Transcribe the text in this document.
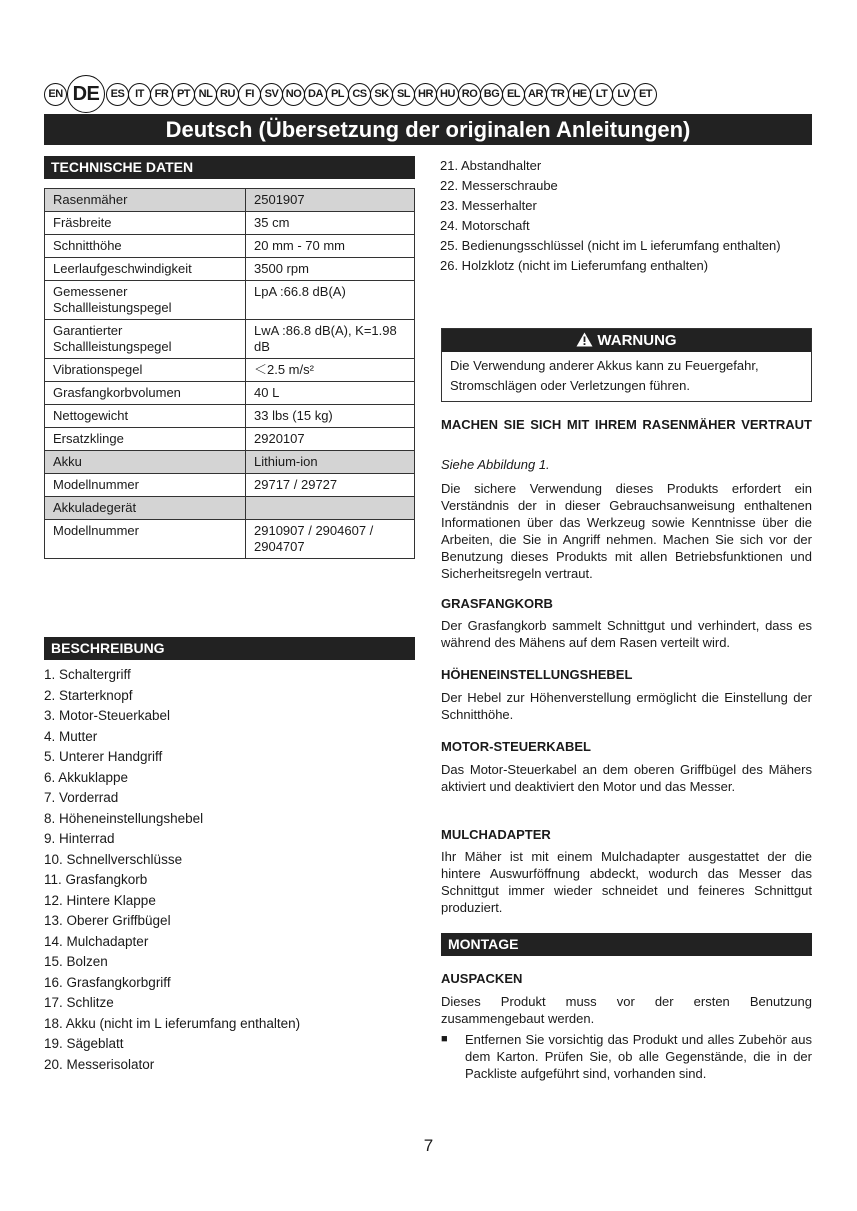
EN DE	ES IT FR PT NL RU FI SV NO DA PL CS SK SL HR HU RO BG EL AR TR HE LT LV ET
Deutsch (Übersetzung der originalen Anleitungen)
TECHNISCHE DATEN
Rasenmäher	2501907
Fräsbreite	35 cm
Schnitthöhe	20 mm - 70 mm
Leerlaufgeschwindigkeit	3500 rpm
Gemessener Schallleistungspegel	LpA :66.8 dB(A)
Garantierter Schallleistungspegel	LwA :86.8 dB(A), K=1.98 dB
Vibrationspegel	＜2.5 m/s²
Grasfangkorbvolumen	40 L
Nettogewicht	33 lbs (15 kg)
Ersatzklinge	2920107
Akku	Lithium-ion
Modellnummer	29717 / 29727
Akkuladegerät	
Modellnummer	2910907 / 2904607 / 2904707
BESCHREIBUNG
1. Schaltergriff
2. Starterknopf
3. Motor-Steuerkabel
4. Mutter
5. Unterer Handgriff
6. Akkuklappe
7. Vorderrad
8. Höheneinstellungshebel
9. Hinterrad
10. Schnellverschlüsse
11. Grasfangkorb
12. Hintere Klappe
13. Oberer Griffbügel
14. Mulchadapter
15. Bolzen
16. Grasfangkorbgriff
17. Schlitze
18. Akku (nicht im L ieferumfang enthalten)
19. Sägeblatt
20. Messerisolator
21. Abstandhalter
22. Messerschraube
23. Messerhalter
24. Motorschaft
25. Bedienungsschlüssel (nicht im L ieferumfang enthalten)
26. Holzklotz (nicht im Lieferumfang enthalten)
WARNUNG
Die Verwendung anderer Akkus kann zu Feuergefahr, Stromschlägen oder Verletzungen führen.
MACHEN SIE SICH MIT IHREM RASENMÄHER VERTRAUT
Siehe Abbildung 1.
Die sichere Verwendung dieses Produkts erfordert ein Verständnis der in dieser Gebrauchsanweisung enthaltenen Informationen über das Werkzeug sowie Kenntnisse über die Arbeiten, die Sie in Angriff nehmen. Machen Sie sich vor der Benutzung dieses Produkts mit allen Betriebsfunktionen und Sicherheitsregeln vertraut.
GRASFANGKORB
Der Grasfangkorb sammelt Schnittgut und verhindert, dass es während des Mähens auf dem Rasen verteilt wird.
HÖHENEINSTELLUNGSHEBEL
Der Hebel zur Höhenverstellung ermöglicht die Einstellung der Schnitthöhe.
MOTOR-STEUERKABEL
Das Motor-Steuerkabel an dem oberen Griffbügel des Mähers aktiviert und deaktiviert den Motor und das Messer.
MULCHADAPTER
Ihr Mäher ist mit einem Mulchadapter ausgestattet der die hintere Auswurföffnung abdeckt, wodurch das Messer das Schnittgut immer wieder schneidet und feineres Schnittgut produziert.
MONTAGE
AUSPACKEN
Dieses Produkt muss vor der ersten Benutzung zusammengebaut werden.
■ Entfernen Sie vorsichtig das Produkt und alles Zubehör aus dem Karton. Prüfen Sie, ob alle Gegenstände, die in der Packliste aufgeführt sind, vorhanden sind.
7
